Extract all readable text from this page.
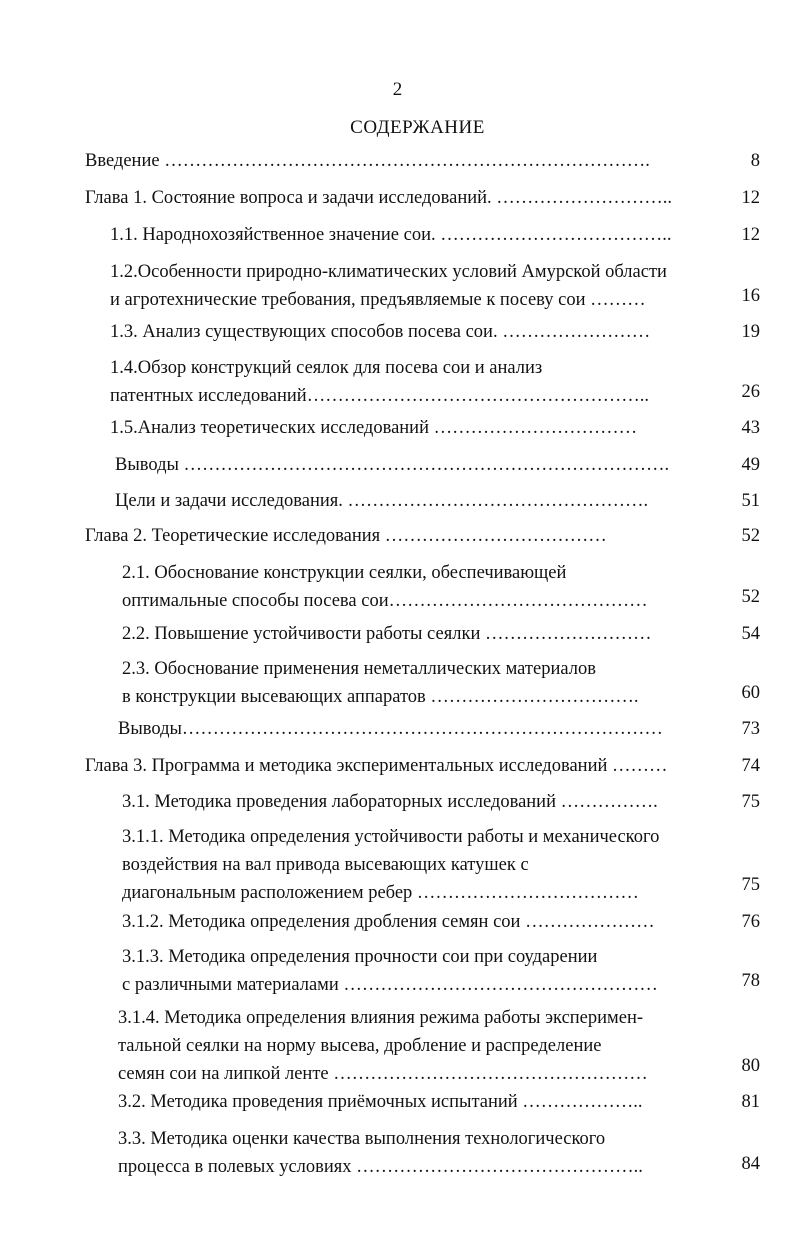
2
СОДЕРЖАНИЕ
Введение …………………………………………………………………….	8
Глава 1. Состояние вопроса и задачи исследований. ………………………..	12
1.1. Народнохозяйственное значение сои. ………………………………..	12
1.2.Особенности природно-климатических условий Амурской области
и агротехнические требования, предъявляемые к посеву сои ………	16
1.3. Анализ существующих способов посева сои. ……………………	19
1.4.Обзор конструкций сеялок для посева сои и анализ
патентных исследований………………………………………………..	26
1.5.Анализ теоретических исследований ……………………………	43
Выводы …………………………………………………………………….	49
Цели и задачи исследования. ………………………………………….	51
Глава 2. Теоретические исследования ………………………………	52
2.1. Обоснование конструкции сеялки, обеспечивающей
оптимальные способы посева сои……………………………………	52
2.2. Повышение устойчивости работы сеялки ………………………	54
2.3. Обоснование применения неметаллических материалов
в конструкции высевающих аппаратов …………………………….	60
Выводы……………………………………………………………………	73
Глава 3. Программа и методика экспериментальных исследований ………	74
3.1. Методика проведения лабораторных исследований …………….	75
3.1.1. Методика определения устойчивости работы и механического
воздействия на вал привода высевающих катушек с
диагональным расположением ребер ………………………………	75
3.1.2. Методика определения дробления семян сои …………………	76
3.1.3. Методика определения прочности сои при соударении
с различными материалами ……………………………………………	78
3.1.4. Методика определения влияния режима работы эксперимен-
тальной сеялки на норму высева, дробление и распределение
семян сои на липкой ленте ……………………………………………	80
3.2. Методика проведения приёмочных испытаний ………………..	81
3.3. Методика оценки качества выполнения технологического
процесса в полевых условиях ………………………………………..	84
